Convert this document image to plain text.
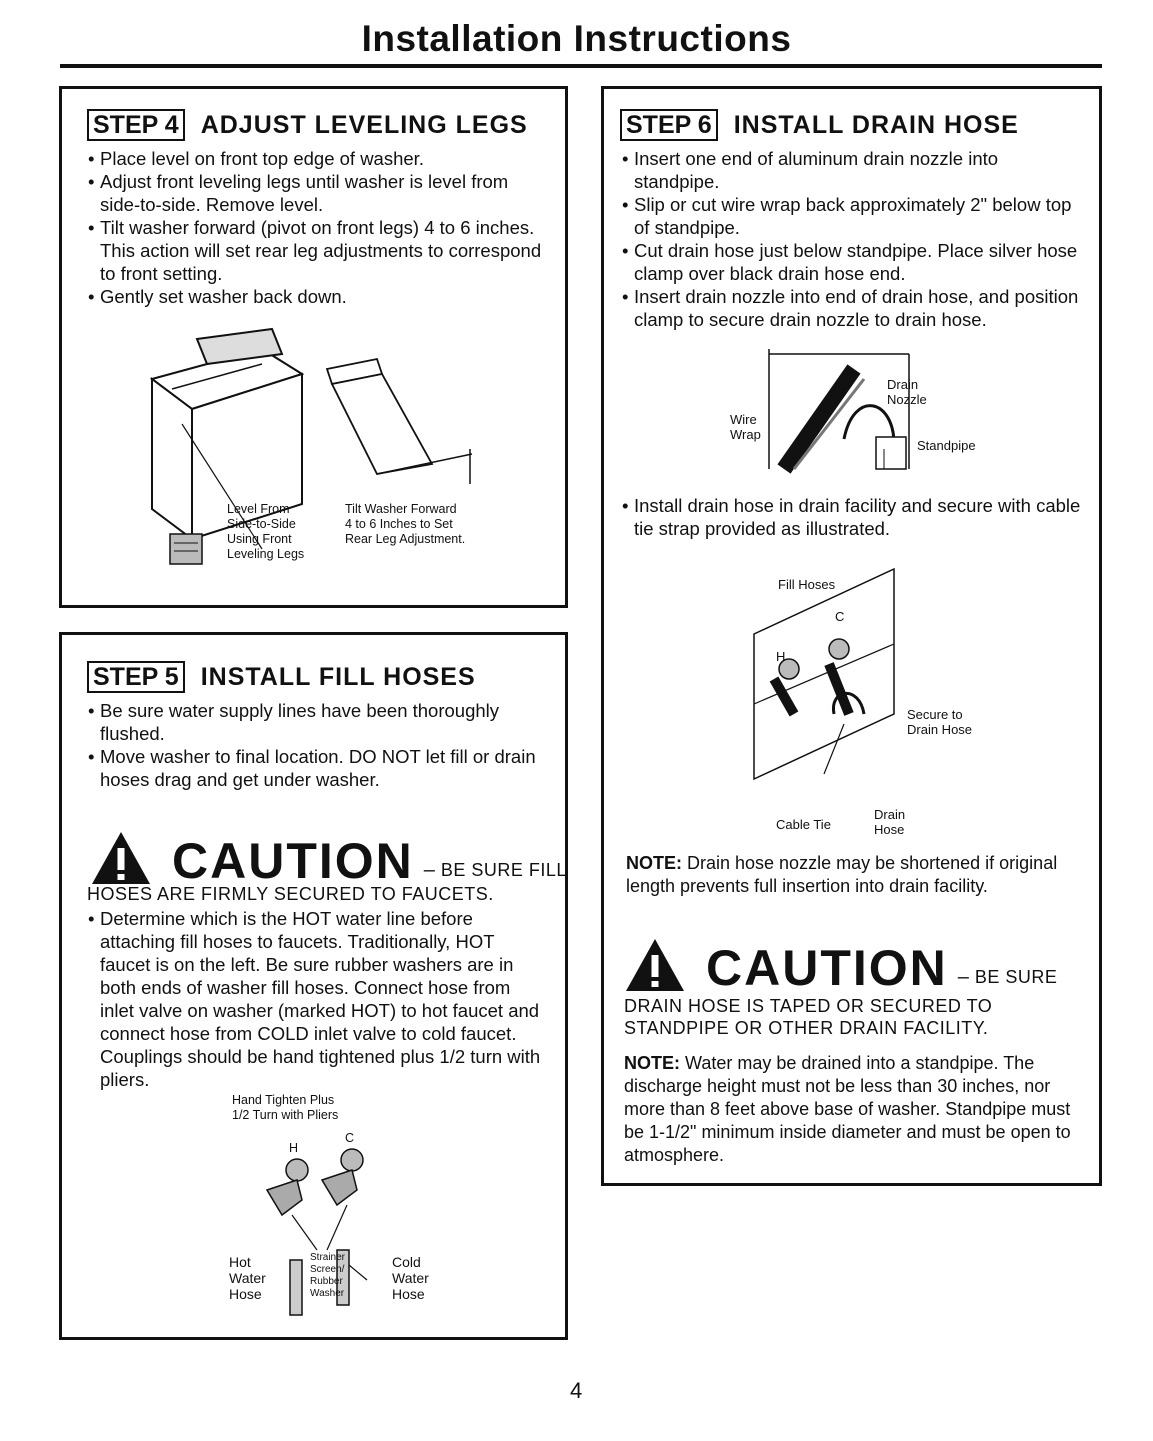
Installation Instructions
STEP 4 ADJUST LEVELING LEGS
• Place level on front top edge of washer.
• Adjust front leveling legs until washer is level from side-to-side. Remove level.
• Tilt washer forward (pivot on front legs) 4 to 6 inches. This action will set rear leg adjustments to correspond to front setting.
• Gently set washer back down.
Level From
Side-to-Side
Using Front
Leveling Legs
Tilt Washer Forward
4 to 6 Inches to Set
Rear Leg Adjustment.
STEP 5 INSTALL FILL HOSES
• Be sure water supply lines have been thoroughly flushed.
• Move washer to final location. DO NOT let fill or drain hoses drag and get under washer.
CAUTION – BE SURE FILL
HOSES ARE FIRMLY SECURED TO FAUCETS.
• Determine which is the HOT water line before attaching fill hoses to faucets. Traditionally, HOT faucet is on the left. Be sure rubber washers are in both ends of washer fill hoses. Connect hose from inlet valve on washer (marked HOT) to hot faucet and connect hose from COLD inlet valve to cold faucet. Couplings should be hand tightened plus 1/2 turn with pliers.
Hand Tighten Plus
1/2 Turn with Pliers
H
C
Hot
Water
Hose
Strainer
Screen/
Rubber
Washer
Cold
Water
Hose
STEP 6 INSTALL DRAIN HOSE
• Insert one end of aluminum drain nozzle into standpipe.
• Slip or cut wire wrap back approximately 2" below top of standpipe.
• Cut drain hose just below standpipe. Place silver hose clamp over black drain hose end.
• Insert drain nozzle into end of drain hose, and position clamp to secure drain nozzle to drain hose.
Drain
Nozzle
Wire
Wrap
Standpipe
• Install drain hose in drain facility and secure with cable tie strap provided as illustrated.
Fill Hoses
H
C
Secure to
Drain Hose
Cable Tie
Drain
Hose
NOTE: Drain hose nozzle may be shortened if original length prevents full insertion into drain facility.
CAUTION – BE SURE
DRAIN HOSE IS TAPED OR SECURED TO STANDPIPE OR OTHER DRAIN FACILITY.
NOTE: Water may be drained into a standpipe. The discharge height must not be less than 30 inches, nor more than 8 feet above base of washer. Standpipe must be 1-1/2" minimum inside diameter and must be open to atmosphere.
4
